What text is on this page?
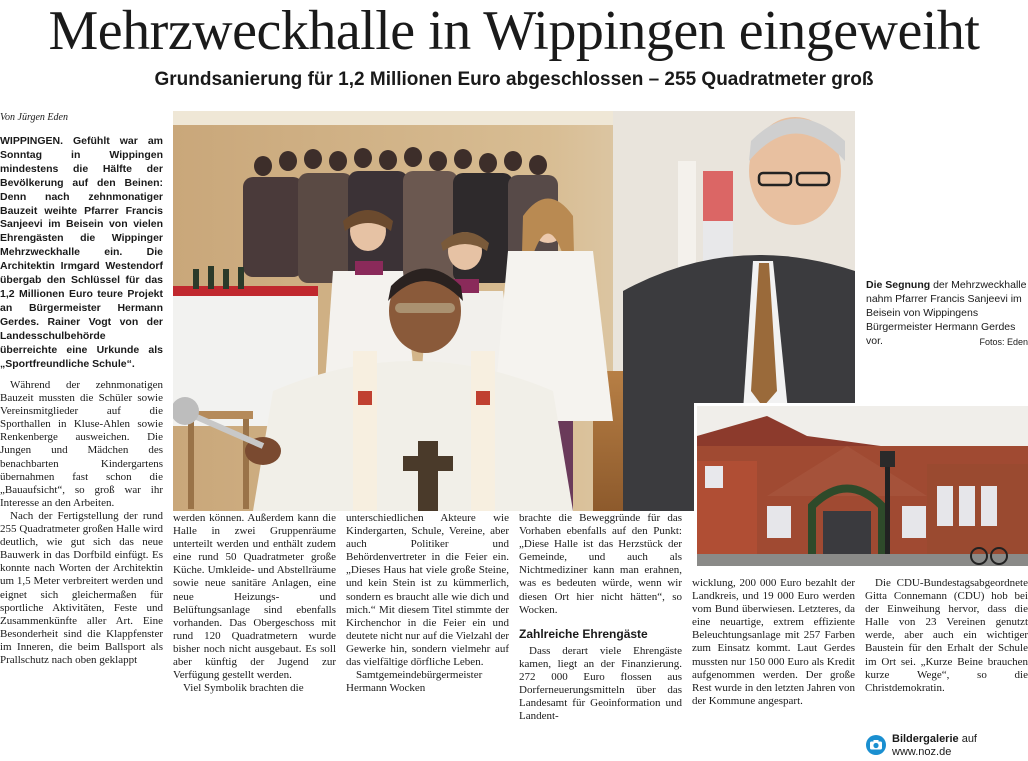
Mehrzweckhalle in Wippingen eingeweiht
Grundsanierung für 1,2 Millionen Euro abgeschlossen – 255 Quadratmeter groß
Von Jürgen Eden
WIPPINGEN. Gefühlt war am Sonntag in Wippingen mindestens die Hälfte der Bevölkerung auf den Beinen: Denn nach zehnmonatiger Bauzeit weihte Pfarrer Francis Sanjeevi im Beisein von vielen Ehrengästen die Wippinger Mehrzweckhalle ein. Die Architektin Irmgard Westendorf übergab den Schlüssel für das 1,2 Millionen Euro teure Projekt an Bürgermeister Hermann Gerdes. Rainer Vogt von der Landesschulbehörde überreichte eine Urkunde als „Sportfreundliche Schule“.
Die Segnung der Mehrzweckhalle nahm Pfarrer Francis Sanjeevi im Beisein von Wippingens Bürgermeister Hermann Gerdes vor.	Fotos: Eden

Während der zehnmonatigen Bauzeit mussten die Schüler sowie Vereinsmitglieder auf die Sporthallen in Kluse-Ahlen sowie Renkenberge ausweichen. Die Jungen und Mädchen des benachbarten Kindergartens übernahmen fast schon die „Bauaufsicht“, so groß war ihr Interesse an den Arbeiten.

Nach der Fertigstellung der rund 255 Quadratmeter großen Halle wird deutlich, wie gut sich das neue Bauwerk in das Dorfbild einfügt. Es konnte nach Worten der Architektin um 1,5 Meter verbreitert werden und eignet sich gleichermaßen für sportliche Aktivitäten, Feste und Zusammenkünfte aller Art. Eine Besonderheit sind die Klappfenster im Inneren, die beim Ballsport als Prallschutz nach oben geklappt

werden können. Außerdem kann die Halle in zwei Gruppenräume unterteilt werden und enthält zudem eine rund 50 Quadratmeter große Küche. Umkleide- und Abstellräume sowie neue sanitäre Anlagen, eine neue Heizungs- und Belüftungsanlage sind ebenfalls vorhanden. Das Obergeschoss mit rund 120 Quadratmetern wurde bisher noch nicht ausgebaut. Es soll aber künftig der Jugend zur Verfügung gestellt werden.

Viel Symbolik brachten die

unterschiedlichen Akteure wie Kindergarten, Schule, Vereine, aber auch Politiker und Behördenvertreter in die Feier ein. „Dieses Haus hat viele große Steine, und kein Stein ist zu kümmerlich, sondern es braucht alle wie dich und mich.“ Mit diesem Titel stimmte der Kirchenchor in die Feier ein und deutete nicht nur auf die Vielzahl der Gewerke hin, sondern vielmehr auf das vielfältige dörfliche Leben.

Samtgemeindebürgermeister Hermann Wocken

brachte die Beweggründe für das Vorhaben ebenfalls auf den Punkt: „Diese Halle ist das Herzstück der Gemeinde, und auch als Nichtmediziner kann man erahnen, was es bedeuten würde, wenn wir diesen Ort hier nicht hätten“, so Wocken.

Zahlreiche Ehrengäste

Dass derart viele Ehrengäste kamen, liegt an der Finanzierung. 272 000 Euro flossen aus Dorferneuerungsmitteln über das Landesamt für Geoinformation und Landent-

wicklung, 200 000 Euro bezahlt der Landkreis, und 19 000 Euro werden vom Bund überwiesen. Letzteres, da eine neuartige, extrem effiziente Beleuchtungsanlage mit 257 Farben zum Einsatz kommt. Laut Gerdes mussten nur 150 000 Euro als Kredit aufgenommen werden. Der große Rest wurde in den letzten Jahren von der Kommune angespart.

Die CDU-Bundestagsabgeordnete Gitta Connemann (CDU) hob bei der Einweihung hervor, dass die Halle von 23 Vereinen genutzt werde, aber auch ein wichtiger Baustein für den Erhalt der Schule im Ort sei. „Kurze Beine brauchen kurze Wege“, so die Christdemokratin.

Bildergalerie auf
www.noz.de
